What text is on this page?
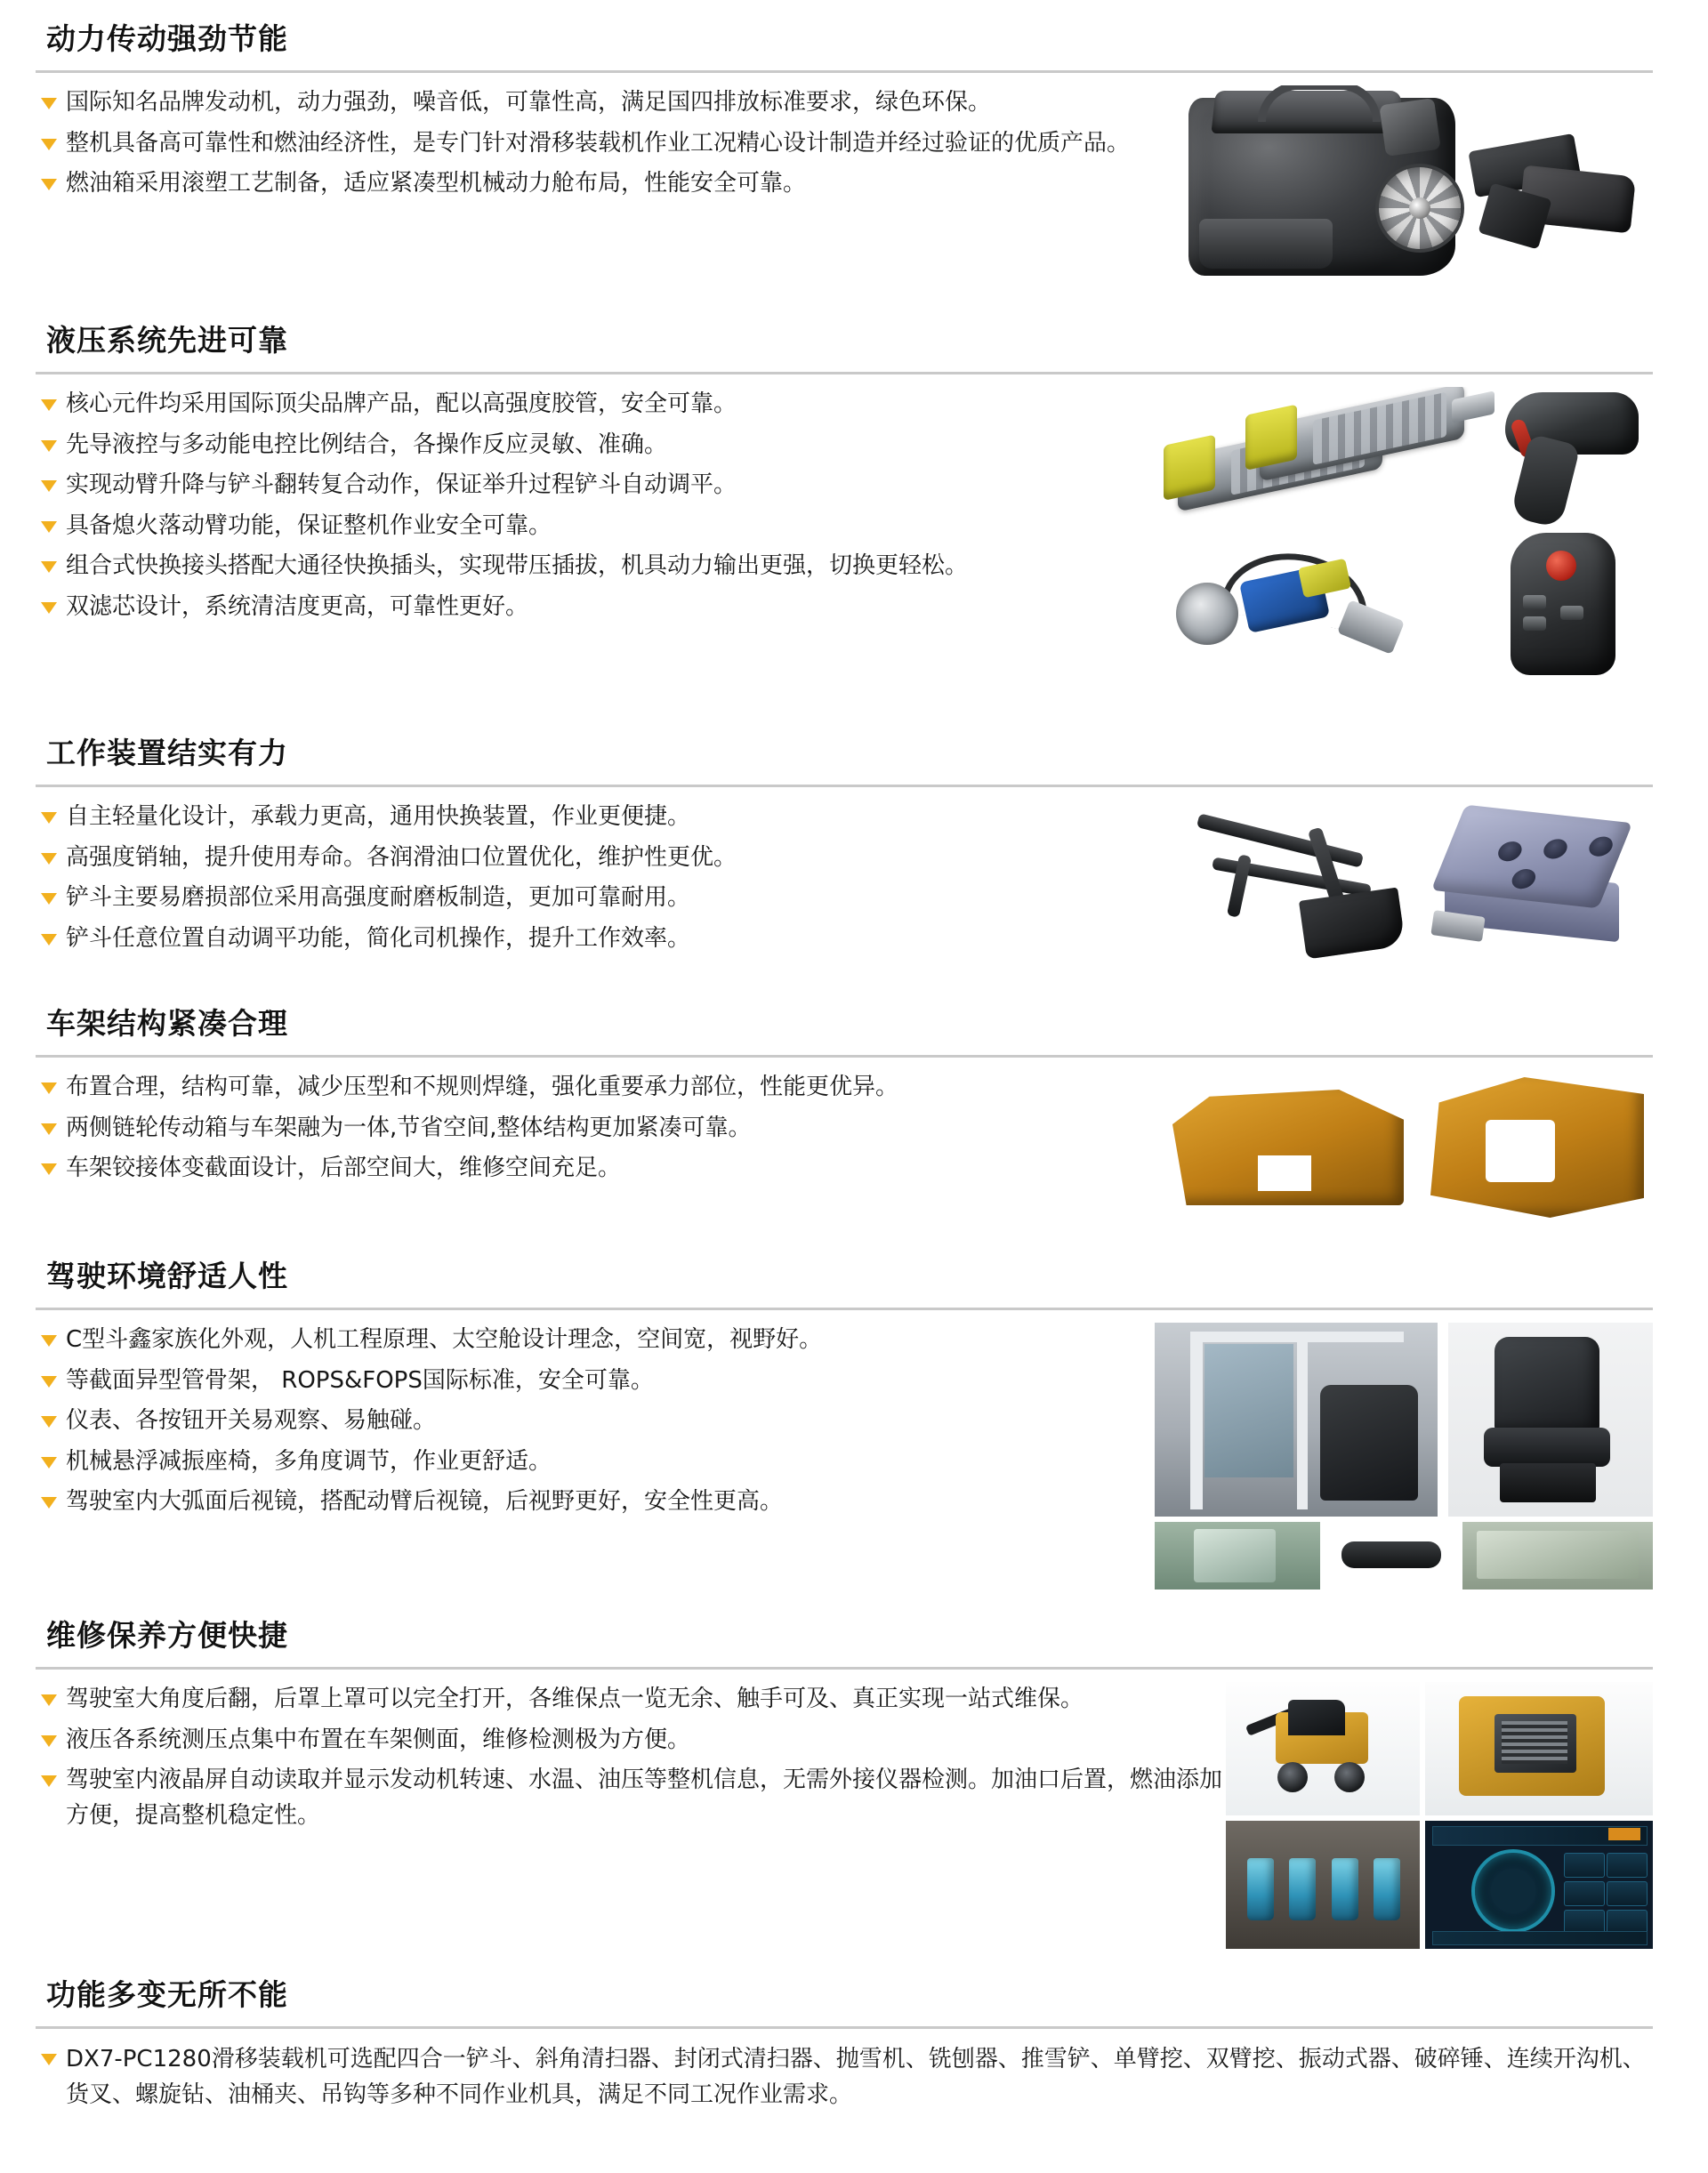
动力传动强劲节能
国际知名品牌发动机，动力强劲，噪音低，可靠性高，满足国四排放标准要求，绿色环保。
整机具备高可靠性和燃油经济性，是专门针对滑移装载机作业工况精心设计制造并经过验证的优质产品。
燃油箱采用滚塑工艺制备，适应紧凑型机械动力舱布局，性能安全可靠。
液压系统先进可靠
核心元件均采用国际顶尖品牌产品，配以高强度胶管，安全可靠。
先导液控与多动能电控比例结合，各操作反应灵敏、准确。
实现动臂升降与铲斗翻转复合动作，保证举升过程铲斗自动调平。
具备熄火落动臂功能，保证整机作业安全可靠。
组合式快换接头搭配大通径快换插头，实现带压插拔，机具动力输出更强，切换更轻松。
双滤芯设计，系统清洁度更高，可靠性更好。
工作装置结实有力
自主轻量化设计，承载力更高，通用快换装置，作业更便捷。
高强度销轴，提升使用寿命。各润滑油口位置优化，维护性更优。
铲斗主要易磨损部位采用高强度耐磨板制造，更加可靠耐用。
铲斗任意位置自动调平功能，简化司机操作，提升工作效率。
车架结构紧凑合理
布置合理，结构可靠，减少压型和不规则焊缝，强化重要承力部位，性能更优异。
两侧链轮传动箱与车架融为一体,节省空间,整体结构更加紧凑可靠。
车架铰接体变截面设计，后部空间大，维修空间充足。
驾驶环境舒适人性
C型斗鑫家族化外观，人机工程原理、太空舱设计理念，空间宽，视野好。
等截面异型管骨架， ROPS&FOPS国际标准，安全可靠。
仪表、各按钮开关易观察、易触碰。
机械悬浮减振座椅，多角度调节，作业更舒适。
驾驶室内大弧面后视镜，搭配动臂后视镜，后视野更好，安全性更高。
维修保养方便快捷
驾驶室大角度后翻，后罩上罩可以完全打开，各维保点一览无余、触手可及、真正实现一站式维保。
液压各系统测压点集中布置在车架侧面，维修检测极为方便。
驾驶室内液晶屏自动读取并显示发动机转速、水温、油压等整机信息，无需外接仪器检测。加油口后置，燃油添加方便，提高整机稳定性。
功能多变无所不能
DX7-PC1280滑移装载机可选配四合一铲斗、斜角清扫器、封闭式清扫器、抛雪机、铣刨器、推雪铲、单臂挖、双臂挖、振动式器、破碎锤、连续开沟机、货叉、螺旋钻、油桶夹、吊钩等多种不同作业机具，满足不同工况作业需求。
